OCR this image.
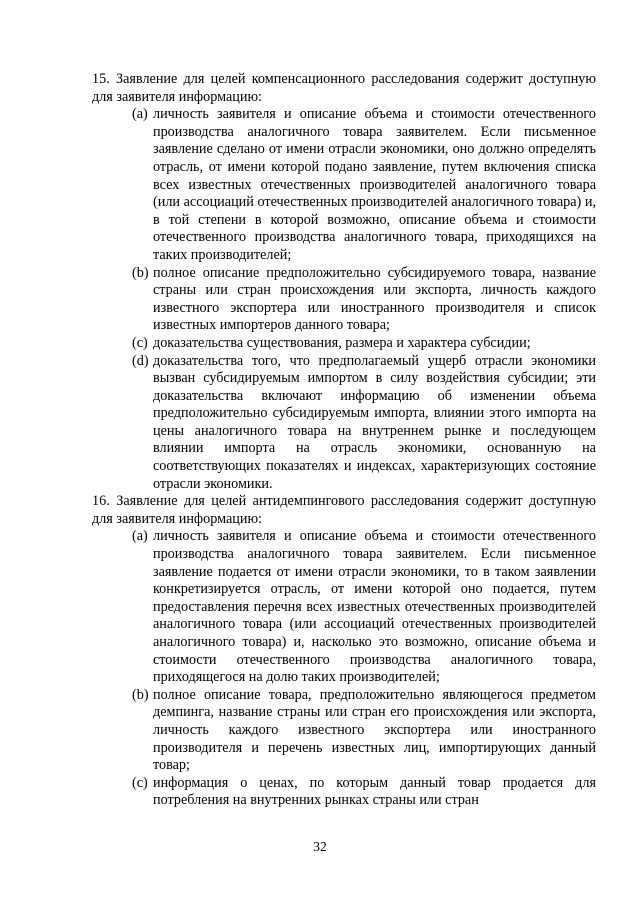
15. Заявление для целей компенсационного расследования содержит доступную для заявителя информацию:

(a) личность заявителя и описание объема и стоимости отечественного производства аналогичного товара заявителем. Если письменное заявление сделано от имени отрасли экономики, оно должно определять отрасль, от имени которой подано заявление, путем включения списка всех известных отечественных производителей аналогичного товара (или ассоциаций отечественных производителей аналогичного товара) и, в той степени в которой возможно, описание объема и стоимости отечественного производства аналогичного товара, приходящихся на таких производителей;
(b) полное описание предположительно субсидируемого товара, название страны или стран происхождения или экспорта, личность каждого известного экспортера или иностранного производителя и список известных импортеров данного товара;
(c) доказательства существования, размера и характера субсидии;
(d) доказательства того, что предполагаемый ущерб отрасли экономики вызван субсидируемым импортом в силу воздействия субсидии; эти доказательства включают информацию об изменении объема предположительно субсидируемым импорта, влиянии этого импорта на цены аналогичного товара на внутреннем рынке и последующем влиянии импорта на отрасль экономики, основанную на соответствующих показателях и индексах, характеризующих состояние отрасли экономики.

16. Заявление для целей антидемпингового расследования содержит доступную для заявителя информацию:

(a) личность заявителя и описание объема и стоимости отечественного производства аналогичного товара заявителем. Если письменное заявление подается от имени отрасли экономики, то в таком заявлении конкретизируется отрасль, от имени которой оно подается, путем предоставления перечня всех известных отечественных производителей аналогичного товара (или ассоциаций отечественных производителей аналогичного товара) и, насколько это возможно, описание объема и стоимости отечественного производства аналогичного товара, приходящегося на долю таких производителей;
(b) полное описание товара, предположительно являющегося предметом демпинга, название страны или стран его происхождения или экспорта, личность каждого известного экспортера или иностранного производителя и перечень известных лиц, импортирующих данный товар;
(c) информация о ценах, по которым данный товар продается для потребления на внутренних рынках страны или стран
32
